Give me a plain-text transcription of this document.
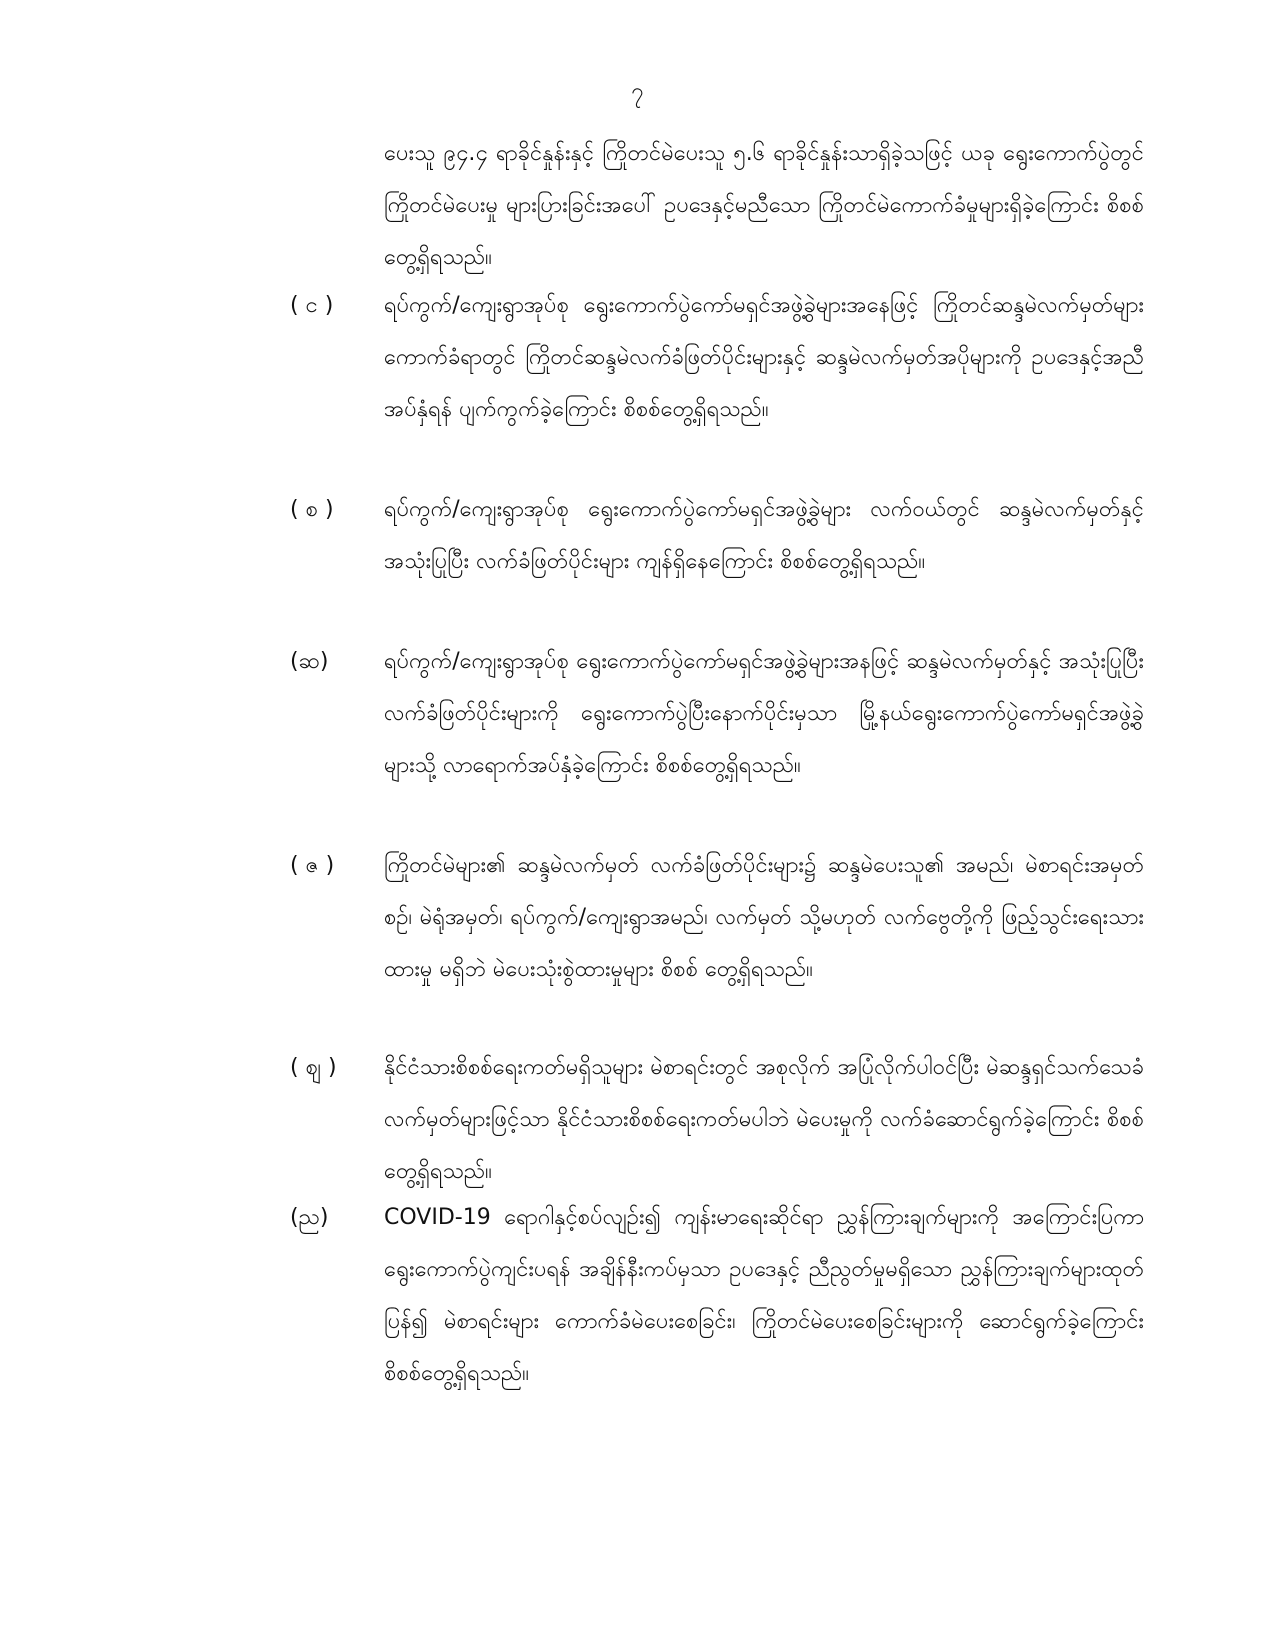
၇
ပေးသူ ၉၄.၄ ရာခိုင်နှုန်းနှင့် ကြိုတင်မဲပေးသူ ၅.၆ ရာခိုင်နှုန်းသာရှိခဲ့သဖြင့် ယခု ရွေးကောက်ပွဲတွင် ကြိုတင်မဲပေးမှု များပြားခြင်းအပေါ် ဥပဒေနှင့်မညီသော ကြိုတင်မဲကောက်ခံမှုများရှိခဲ့ကြောင်း စိစစ်တွေ့ရှိရသည်။
( င )	ရပ်ကွက်/ကျေးရွာအုပ်စု ရွေးကောက်ပွဲကော်မရှင်အဖွဲ့ခွဲများအနေဖြင့် ကြိုတင်ဆန္ဒမဲလက်မှတ်များ ကောက်ခံရာတွင် ကြိုတင်ဆန္ဒမဲလက်ခံဖြတ်ပိုင်းများနှင့် ဆန္ဒမဲလက်မှတ်အပိုများကို ဥပဒေနှင့်အညီအပ်နှံရန် ပျက်ကွက်ခဲ့ကြောင်း စိစစ်တွေ့ရှိရသည်။
( စ )	ရပ်ကွက်/ကျေးရွာအုပ်စု ရွေးကောက်ပွဲကော်မရှင်အဖွဲ့ခွဲများ လက်ဝယ်တွင် ဆန္ဒမဲလက်မှတ်နှင့် အသုံးပြုပြီး လက်ခံဖြတ်ပိုင်းများ ကျန်ရှိနေကြောင်း စိစစ်တွေ့ရှိရသည်။
(ဆ)	ရပ်ကွက်/ကျေးရွာအုပ်စု ရွေးကောက်ပွဲကော်မရှင်အဖွဲ့ခွဲများအနဖြင့် ဆန္ဒမဲလက်မှတ်နှင့် အသုံးပြုပြီး လက်ခံဖြတ်ပိုင်းများကို ရွေးကောက်ပွဲပြီးနောက်ပိုင်းမှသာ မြို့နယ်ရွေးကောက်ပွဲကော်မရှင်အဖွဲ့ခွဲများသို့ လာရောက်အပ်နှံခဲ့ကြောင်း စိစစ်တွေ့ရှိရသည်။
( ဇ )	ကြိုတင်မဲများ၏ ဆန္ဒမဲလက်မှတ် လက်ခံဖြတ်ပိုင်းများ၌ ဆန္ဒမဲပေးသူ၏ အမည်၊ မဲစာရင်းအမှတ်စဉ်၊ မဲရုံအမှတ်၊ ရပ်ကွက်/ကျေးရွာအမည်၊ လက်မှတ် သို့မဟုတ် လက်ဗွေတို့ကို ဖြည့်သွင်းရေးသားထားမှု မရှိဘဲ မဲပေးသုံးစွဲထားမှုများ စိစစ် တွေ့ရှိရသည်။
( ဈ )	နိုင်ငံသားစိစစ်ရေးကတ်မရှိသူများ မဲစာရင်းတွင် အစုလိုက် အပြုံလိုက်ပါဝင်ပြီး မဲဆန္ဒရှင်သက်သေခံလက်မှတ်များဖြင့်သာ နိုင်ငံသားစိစစ်ရေးကတ်မပါဘဲ မဲပေးမှုကို လက်ခံဆောင်ရွက်ခဲ့ကြောင်း စိစစ်တွေ့ရှိရသည်။
(ည)	COVID-19 ရောဂါနှင့်စပ်လျဉ်း၍ ကျန်းမာရေးဆိုင်ရာ ညွှန်ကြားချက်များကို အကြောင်းပြကာ ရွေးကောက်ပွဲကျင်းပရန် အချိန်နီးကပ်မှသာ ဥပဒေနှင့် ညီညွတ်မှုမရှိသော ညွှန်ကြားချက်များထုတ်ပြန်၍ မဲစာရင်းများ ကောက်ခံမဲပေးစေခြင်း၊ ကြိုတင်မဲပေးစေခြင်းများကို ဆောင်ရွက်ခဲ့ကြောင်း စိစစ်တွေ့ရှိရသည်။
